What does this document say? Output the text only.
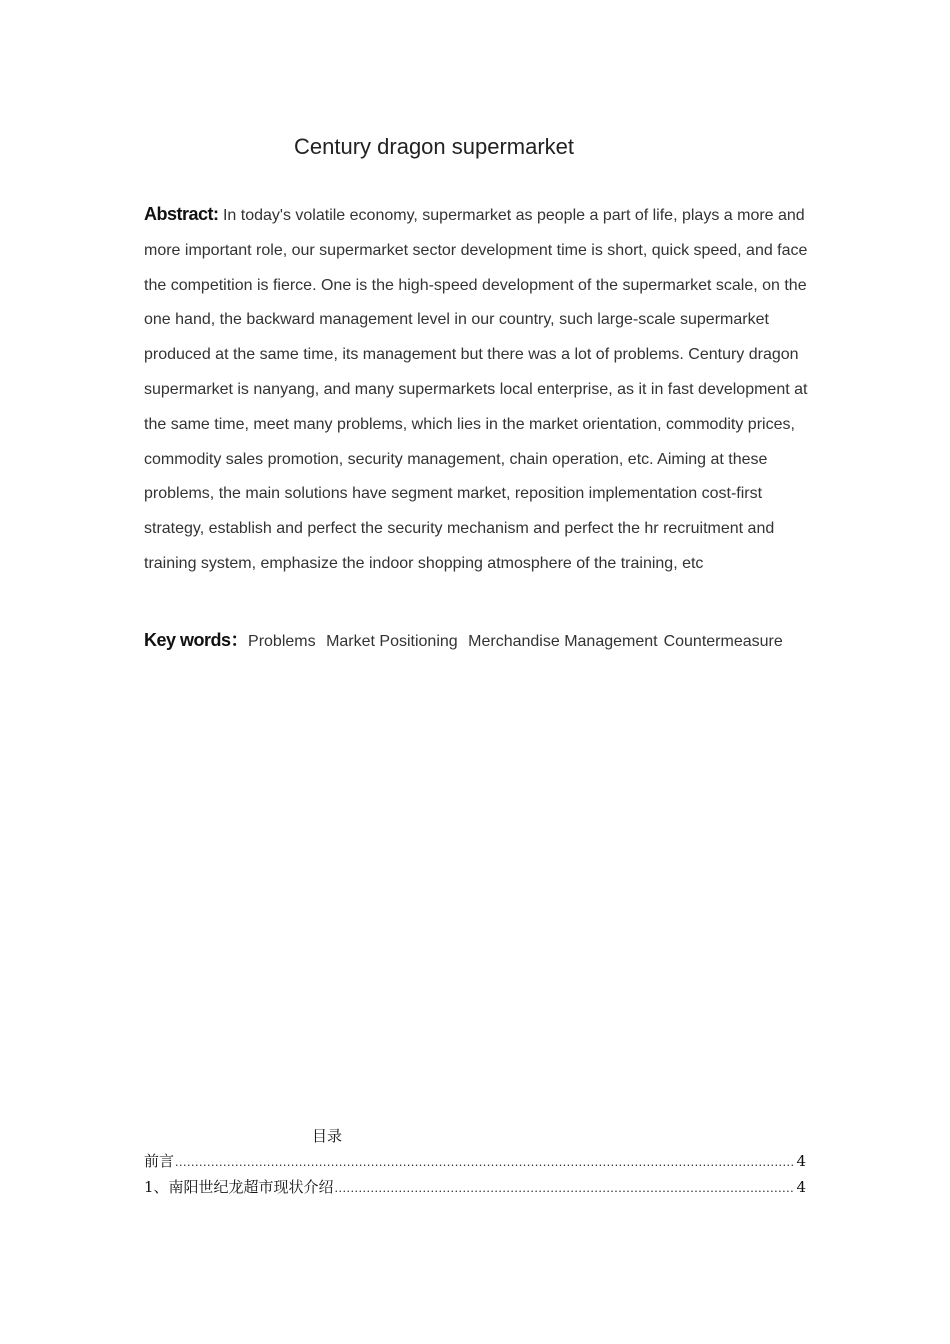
Century dragon supermarket

Abstract: In today's volatile economy, supermarket as people a part of life, plays a more and more important role, our supermarket sector development time is short, quick speed, and face the competition is fierce. One is the high-speed development of the supermarket scale, on the one hand, the backward management level in our country, such large-scale supermarket produced at the same time, its management but there was a lot of problems. Century dragon supermarket is nanyang, and many supermarkets local enterprise, as it in fast development at the same time, meet many problems, which lies in the market orientation, commodity prices, commodity sales promotion, security management, chain operation, etc. Aiming at these problems, the main solutions have segment market, reposition implementation cost-first strategy, establish and perfect the security mechanism and perfect the hr recruitment and training system, emphasize the indoor shopping atmosphere of the training, etc

Key words：Problems Market Positioning Merchandise Management Countermeasure

目录
前言 .....	4
1、南阳世纪龙超市现状介绍 .....	4
